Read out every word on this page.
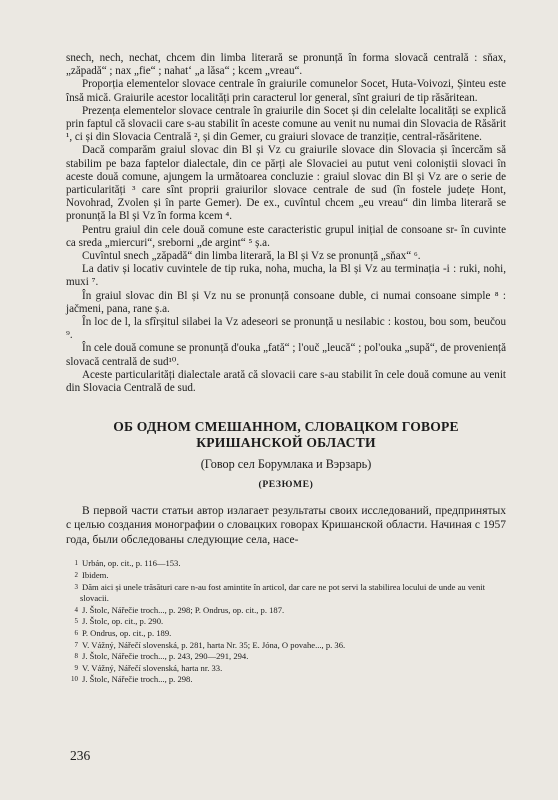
snech, nech, nechat, chcem din limba literară se pronunță în forma slovacă centrală : sňax, „zăpadă“ ; nax „fie“ ; nahat‘ „a lăsa“ ; kcem „vreau“.

Proporția elementelor slovace centrale în graiurile comunelor Socet, Huta-Voivozi, Șinteu este însă mică. Graiurile acestor localități prin caracterul lor general, sînt graiuri de tip răsăritean.

Prezența elementelor slovace centrale în graiurile din Socet și din celelalte localități se explică prin faptul că slovacii care s-au stabilit în aceste comune au venit nu numai din Slovacia de Răsărit ¹, ci și din Slovacia Centrală ², și din Gemer, cu graiuri slovace de tranziție, central-răsăritene.

Dacă comparăm graiul slovac din Bl și Vz cu graiurile slovace din Slovacia și încercăm să stabilim pe baza faptelor dialectale, din ce părți ale Slovaciei au putut veni coloniștii slovaci în aceste două comune, ajungem la următoarea concluzie : graiul slovac din Bl și Vz are o serie de particularități ³ care sînt proprii graiurilor slovace centrale de sud (în fostele județe Hont, Novohrad, Zvolen și în parte Gemer). De ex., cuvîntul chcem „eu vreau“ din limba literară se pronunță la Bl și Vz în forma kcem ⁴.

Pentru graiul din cele două comune este caracteristic grupul inițial de consoane sr- în cuvinte ca sreda „miercuri“, sreborni „de argint“ ⁵ ș.a.

Cuvîntul snech „zăpadă“ din limba literară, la Bl și Vz se pronunță „sňax“ ⁶.

La dativ și locativ cuvintele de tip ruka, noha, mucha, la Bl și Vz au terminația -i : ruki, nohi, muxi ⁷.

În graiul slovac din Bl și Vz nu se pronunță consoane duble, ci numai consoane simple ⁸ : jačmeni, pana, rane ș.a.

În loc de l, la sfîrșitul silabei la Vz adeseori se pronunță u nesilabic : kostou, bou som, beučou ⁹.

În cele două comune se pronunță d'ouka „fată“ ; l'ouč „leucă“ ; pol'ouka „supă“, de proveniență slovacă centrală de sud¹⁰.

Aceste particularități dialectale arată că slovacii care s-au stabilit în cele două comune au venit din Slovacia Centrală de sud.

ОБ ОДНОМ СМЕШАННОМ, СЛОВАЦКОМ ГОВОРЕ КРИШАНСКОЙ ОБЛАСТИ
(Говор сел Борумлака и Вэрзарь)
(РЕЗЮМЕ)

В первой части статьи автор излагает результаты своих исследований, предпринятых с целью создания монографии о словацких говорах Кришанской области. Начиная с 1957 года, были обследованы следующие села, насе-

1 Urbán, op. cit., p. 116—153.

2 Ibidem.

3 Dăm aici și unele trăsături care n-au fost amintite în articol, dar care ne pot servi la stabilirea locului de unde au venit slovacii.

4 J. Štolc, Nářečie troch..., p. 298; P. Ondrus, op. cit., p. 187.

5 J. Štolc, op. cit., p. 290.

6 P. Ondrus, op. cit., p. 189.

7 V. Vážný, Nářečí slovenská, p. 281, harta Nr. 35; E. Jóna, O povahe..., p. 36.

8 J. Štolc, Nářečie troch..., p. 243, 290—291, 294.

9 V. Vážný, Nářečí slovenská, harta nr. 33.

10 J. Štolc, Nářečie troch..., p. 298.

236
